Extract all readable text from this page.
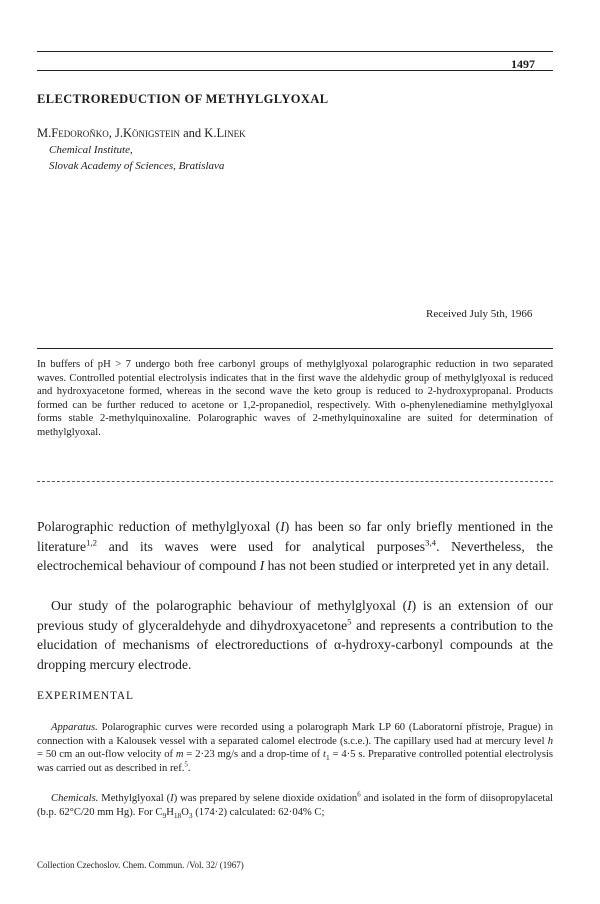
1497
ELECTROREDUCTION OF METHYLGLYOXAL
M.Fedoroňko, J.Königstein and K.Linek
Chemical Institute,
Slovak Academy of Sciences, Bratislava
Received July 5th, 1966
In buffers of pH > 7 undergo both free carbonyl groups of methylglyoxal polarographic reduction in two separated waves. Controlled potential electrolysis indicates that in the first wave the aldehydic group of methylglyoxal is reduced and hydroxyacetone formed, whereas in the second wave the keto group is reduced to 2-hydroxypropanal. Products formed can be further reduced to acetone or 1,2-propanediol, respectively. With o-phenylenediamine methylglyoxal forms stable 2-methylquinoxaline. Polarographic waves of 2-methylquinoxaline are suited for determination of methylglyoxal.
Polarographic reduction of methylglyoxal (I) has been so far only briefly mentioned in the literature$^{1,2}$ and its waves were used for analytical purposes$^{3,4}$. Nevertheless, the electrochemical behaviour of compound I has not been studied or interpreted yet in any detail.
Our study of the polarographic behaviour of methylglyoxal (I) is an extension of our previous study of glyceraldehyde and dihydroxyacetone$^5$ and represents a contribution to the elucidation of mechanisms of electroreductions of α-hydroxy-carbonyl compounds at the dropping mercury electrode.
EXPERIMENTAL
Apparatus. Polarographic curves were recorded using a polarograph Mark LP 60 (Laboratorní přístroje, Prague) in connection with a Kalousek vessel with a separated calomel electrode (s.c.e.). The capillary used had at mercury level h = 50 cm an out-flow velocity of m = 2·23 mg/s and a drop-time of $t_1 = 4\cdot 5$ s. Preparative controlled potential electrolysis was carried out as described in ref.$^5$.
Chemicals. Methylglyoxal (I) was prepared by selene dioxide oxidation$^6$ and isolated in the form of diisopropylacetal (b.p. 62°C/20 mm Hg). For $C_9H_{18}O_3$ (174·2) calculated: 62·04% C;
Collection Czechoslov. Chem. Commun. /Vol. 32/ (1967)
